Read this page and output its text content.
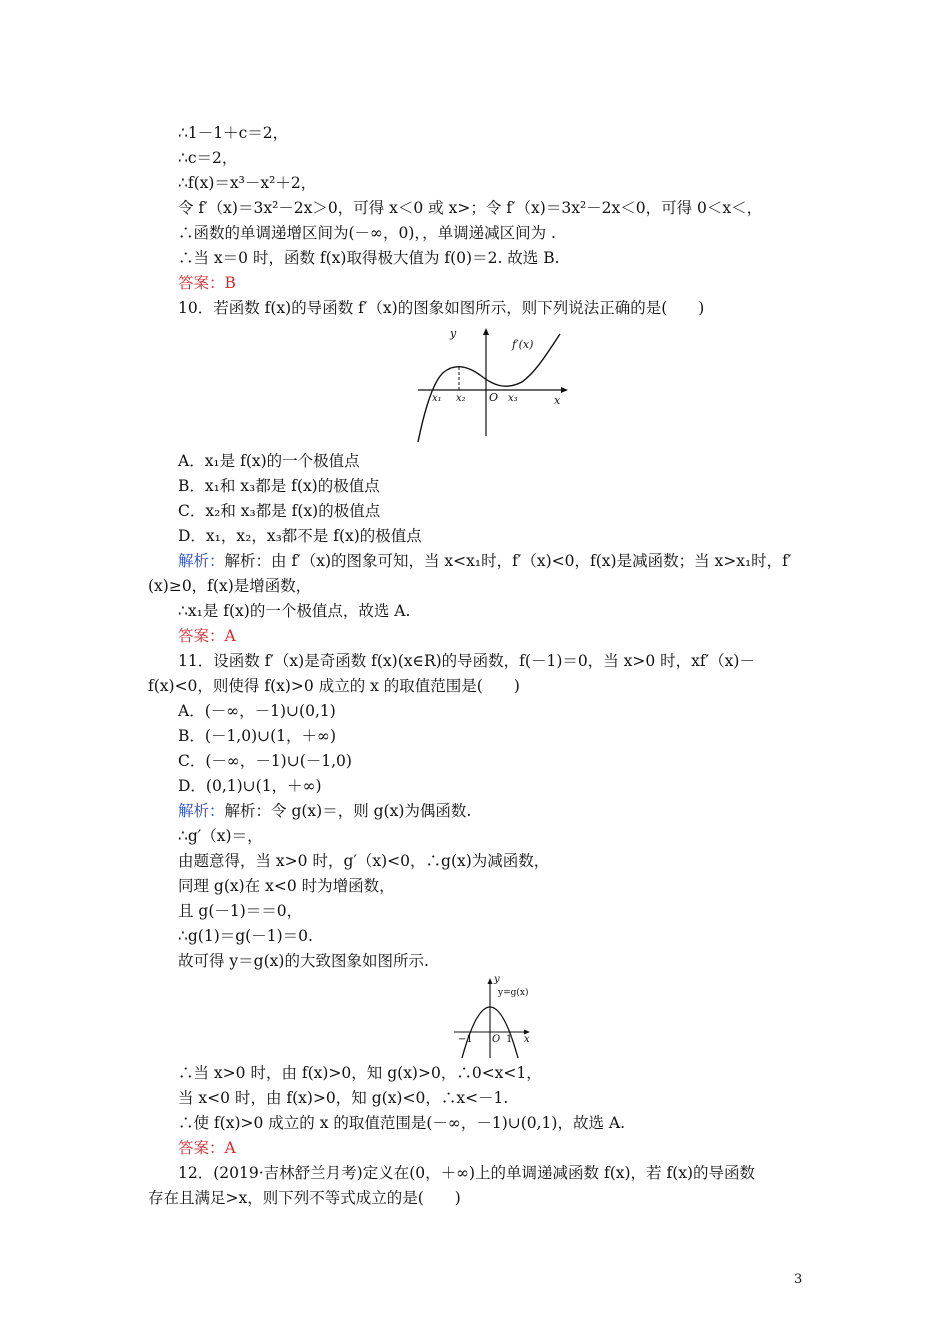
∴1－1＋c＝2，
∴c＝2，
∴f(x)＝x³－x²＋2，
令 f′（x)＝3x²－2x＞0，可得 x＜0 或 x>；令 f′（x)＝3x²－2x＜0，可得 0＜x＜，
∴函数的单调递增区间为(－∞，0)，，单调递减区间为 .
∴当 x＝0 时，函数 f(x)取得极大值为 f(0)＝2. 故选 B.
答案：B
10．若函数 f(x)的导函数 f′（x)的图象如图所示，则下列说法正确的是(　　)
y
f′(x)
x
x₁ x₂ O x₃
A．x₁是 f(x)的一个极值点
B．x₁和 x₃都是 f(x)的极值点
C．x₂和 x₃都是 f(x)的极值点
D．x₁，x₂，x₃都不是 f(x)的极值点
解析：解析：由 f′（x)的图象可知，当 x<x₁时，f′（x)<0，f(x)是减函数；当 x>x₁时，f′
(x)≥0，f(x)是增函数，
∴x₁是 f(x)的一个极值点，故选 A.
答案：A
11．设函数 f′（x)是奇函数 f(x)(x∈R)的导函数，f(－1)＝0，当 x>0 时，xf′（x)－
f(x)<0，则使得 f(x)>0 成立的 x 的取值范围是(　　)
A．(－∞，－1)∪(0,1)
B．(－1,0)∪(1，＋∞)
C．(－∞，－1)∪(－1,0)
D．(0,1)∪(1，＋∞)
解析：解析：令 g(x)＝，则 g(x)为偶函数.
∴g′（x)＝，
由题意得，当 x>0 时，g′（x)<0，∴g(x)为减函数，
同理 g(x)在 x<0 时为增函数，
且 g(－1)＝＝0，
∴g(1)＝g(－1)＝0.
故可得 y＝g(x)的大致图象如图所示.
y
y=g(x)
x
−1 O 1
∴当 x>0 时，由 f(x)>0，知 g(x)>0，∴0<x<1，
当 x<0 时，由 f(x)>0，知 g(x)<0，∴x<－1.
∴使 f(x)>0 成立的 x 的取值范围是(－∞，－1)∪(0,1)，故选 A.
答案：A
12．(2019·吉林舒兰月考)定义在(0，＋∞)上的单调递减函数 f(x)，若 f(x)的导函数
存在且满足>x，则下列不等式成立的是(　　)
3
